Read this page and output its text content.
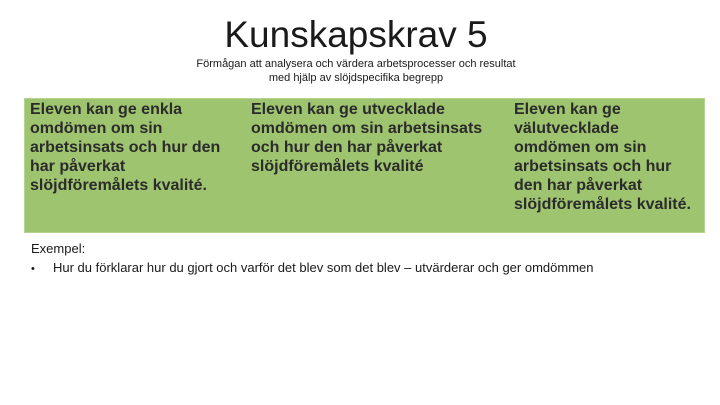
Kunskapskrav 5
Förmågan att analysera och värdera arbetsprocesser och resultat
med hjälp av slöjdspecifika begrepp
Eleven kan ge enkla
omdömen om sin
arbetsinsats och hur den
har påverkat
slöjdföremålets kvalité.
Eleven kan ge utvecklade
omdömen om sin arbetsinsats
och hur den har påverkat
slöjdföremålets kvalité
Eleven kan ge
välutvecklade
omdömen om sin
arbetsinsats och hur
den har påverkat
slöjdföremålets kvalité.
Exempel:
• Hur du förklarar hur du gjort och varför det blev som det blev – utvärderar och ger omdömmen
